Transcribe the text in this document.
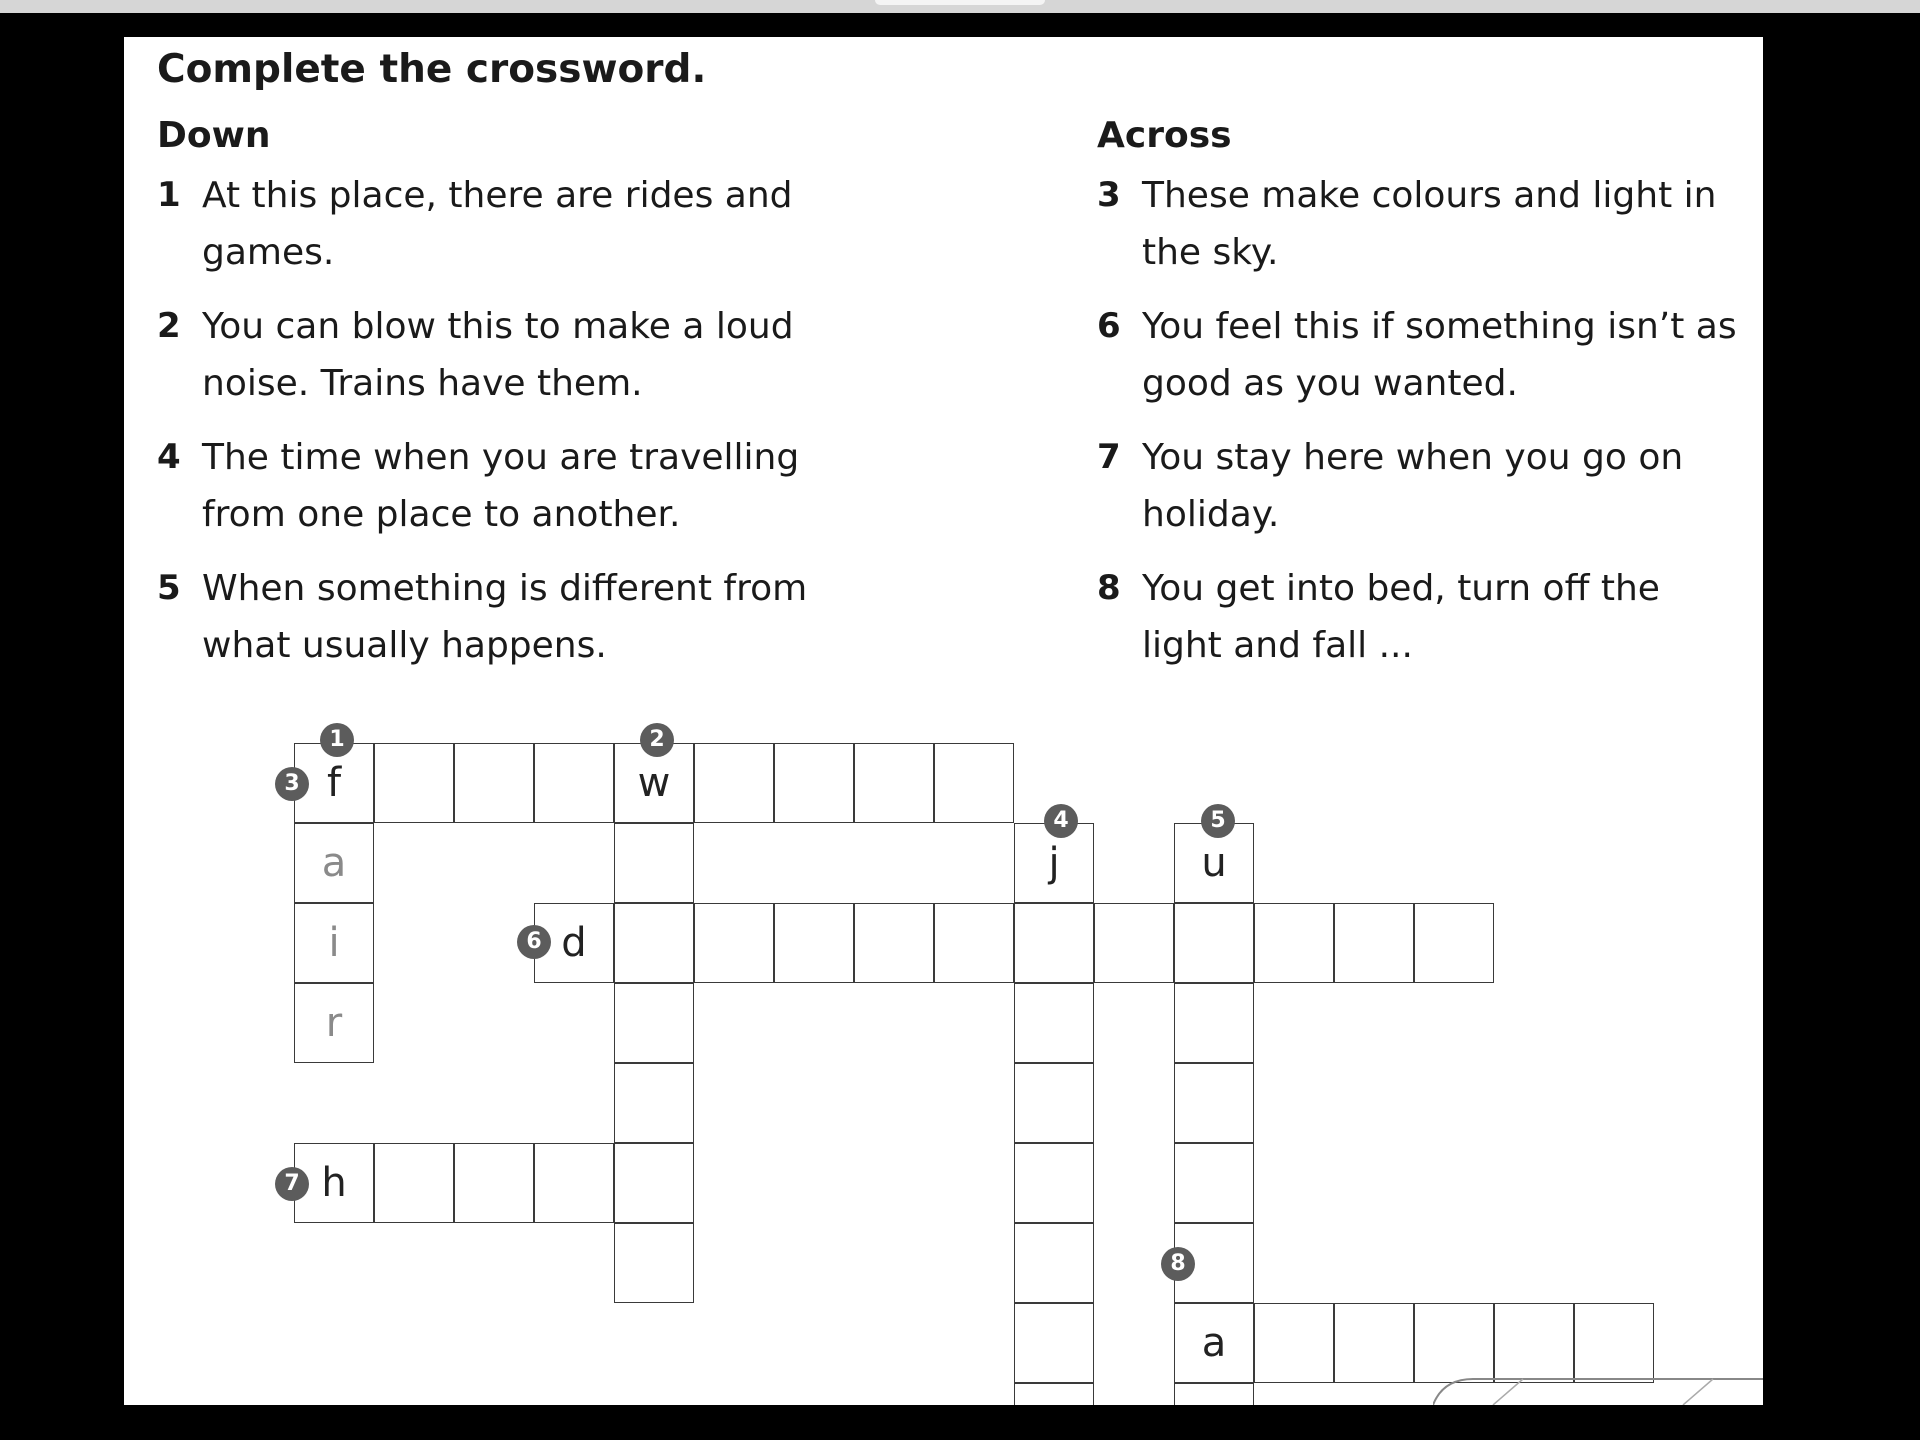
Complete the crossword.
Down	Across
1 At this place, there are rides and
games.
2 You can blow this to make a loud
noise. Trains have them.
4 The time when you are travelling
from one place to another.
5 When something is different from
what usually happens.
3 These make colours and light in
the sky.
6 You feel this if something isn’t as
good as you wanted.
7 You stay here when you go on
holiday.
8 You get into bed, turn off the
light and fall ...
f	w
a	j	u
i	d
r
h
a
1	2
3
4	5
6
7
8
